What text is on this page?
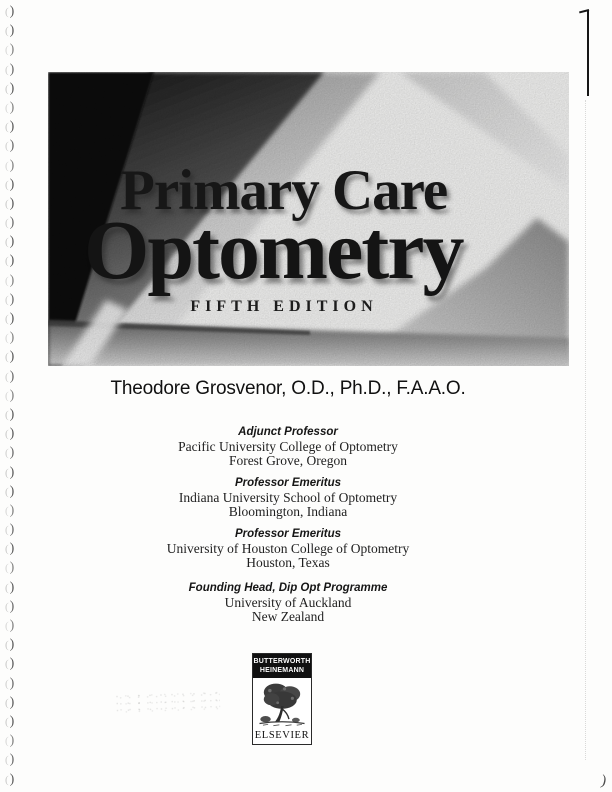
()
()
()
()
()
()
()
()
()
()
()
()
()
()
()
()
()
()
()
()
()
()
()
()
()
()
()
()
()
()
()
()
()
()
()
()
()
()
()
()
()	)
Primary Care
Optometry
FIFTH EDITION
Theodore Grosvenor, O.D., Ph.D., F.A.A.O.
Adjunct Professor
Pacific University College of Optometry
Forest Grove, Oregon
Professor Emeritus
Indiana University School of Optometry
Bloomington, Indiana
Professor Emeritus
University of Houston College of Optometry
Houston, Texas
Founding Head, Dip Opt Programme
University of Auckland
New Zealand
BUTTERWORTH
HEINEMANN
ELSEVIER
